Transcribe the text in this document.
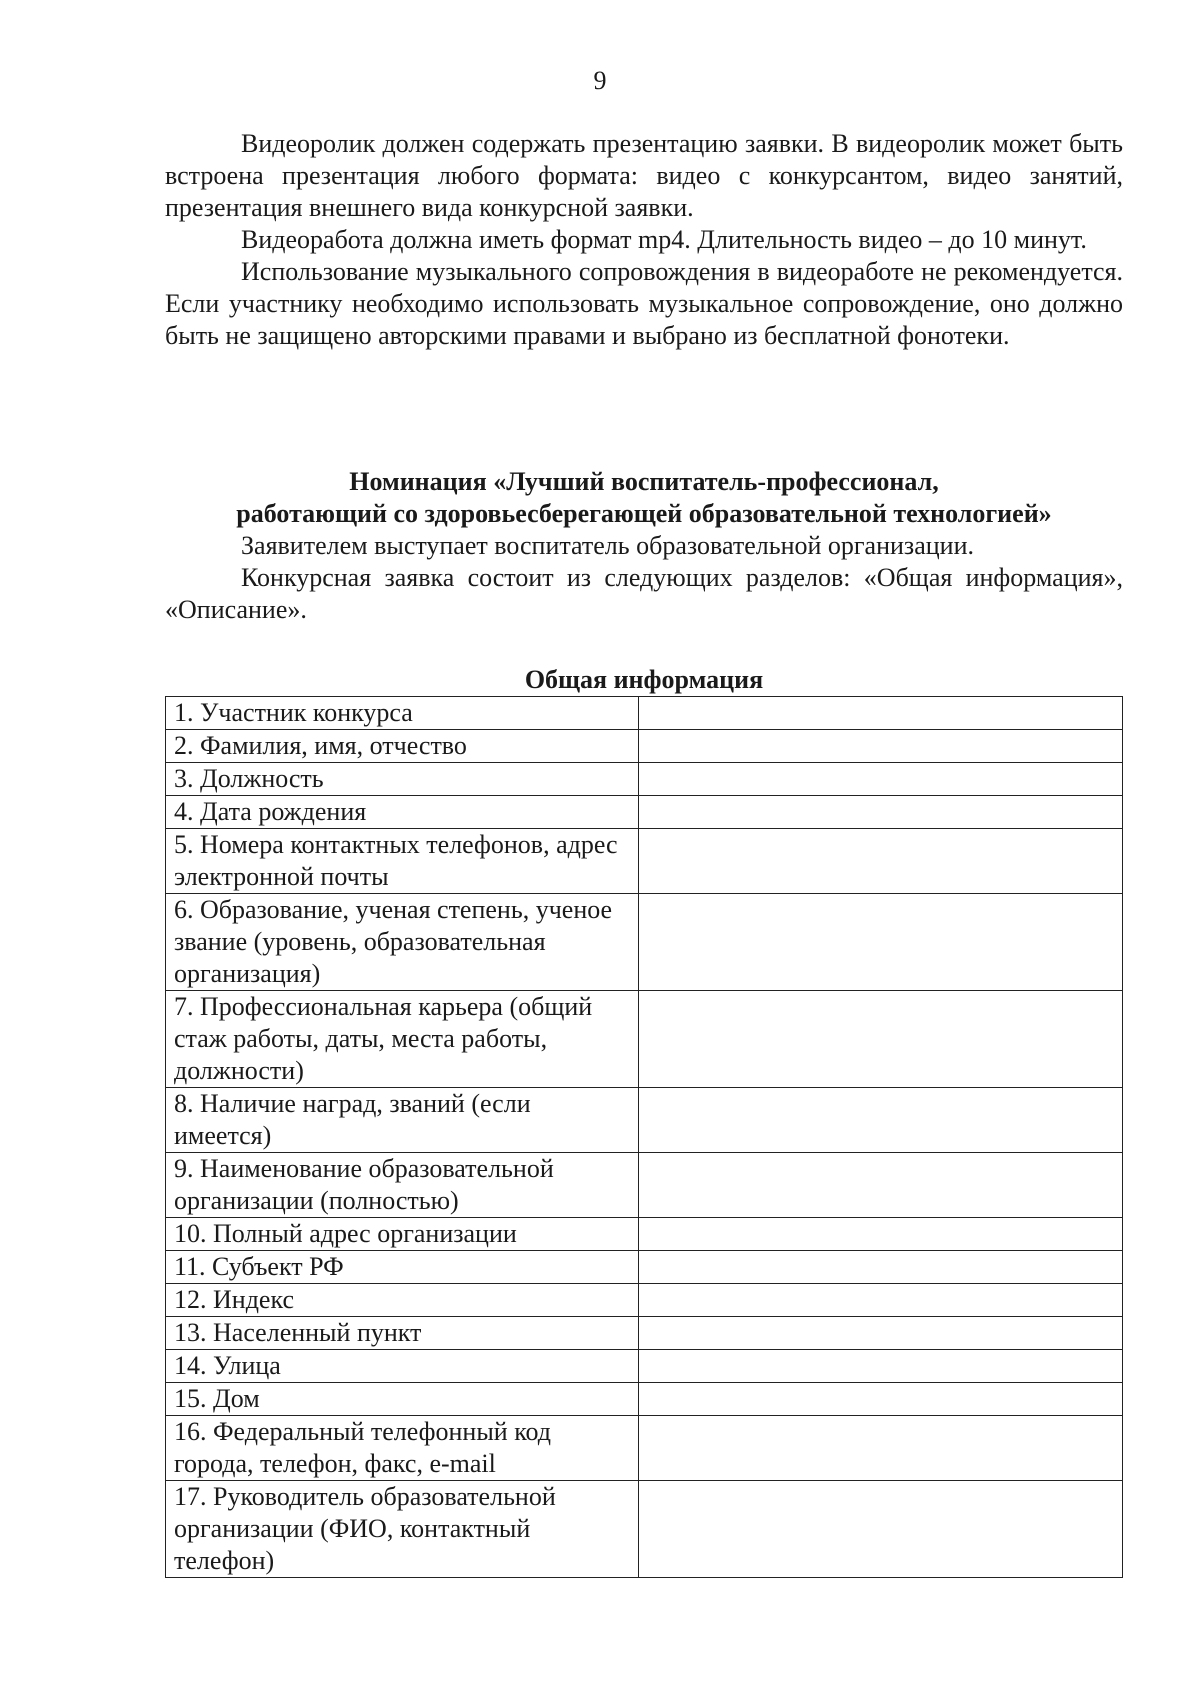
9

Видеоролик должен содержать презентацию заявки. В видеоролик может быть встроена презентация любого формата: видео с конкурсантом, видео занятий, презентация внешнего вида конкурсной заявки.

Видеоработа должна иметь формат mp4. Длительность видео – до 10 минут.

Использование музыкального сопровождения в видеоработе не рекомендуется. Если участнику необходимо использовать музыкальное сопровождение, оно должно быть не защищено авторскими правами и выбрано из бесплатной фонотеки.

Номинация «Лучший воспитатель-профессионал,
работающий со здоровьесберегающей образовательной технологией»

Заявителем выступает воспитатель образовательной организации.

Конкурсная заявка состоит из следующих разделов: «Общая информация», «Описание».

Общая информация
1. Участник конкурса	
2. Фамилия, имя, отчество	
3. Должность	
4. Дата рождения	
5. Номера контактных телефонов, адрес электронной почты	
6. Образование, ученая степень, ученое звание (уровень, образовательная организация)	
7. Профессиональная карьера (общий стаж работы, даты, места работы, должности)	
8. Наличие наград, званий (если имеется)	
9. Наименование образовательной организации (полностью)	
10. Полный адрес организации	
11. Субъект РФ	
12. Индекс	
13. Населенный пункт	
14. Улица	
15. Дом	
16. Федеральный телефонный код города, телефон, факс, e-mail	
17. Руководитель образовательной организации (ФИО, контактный телефон)	
